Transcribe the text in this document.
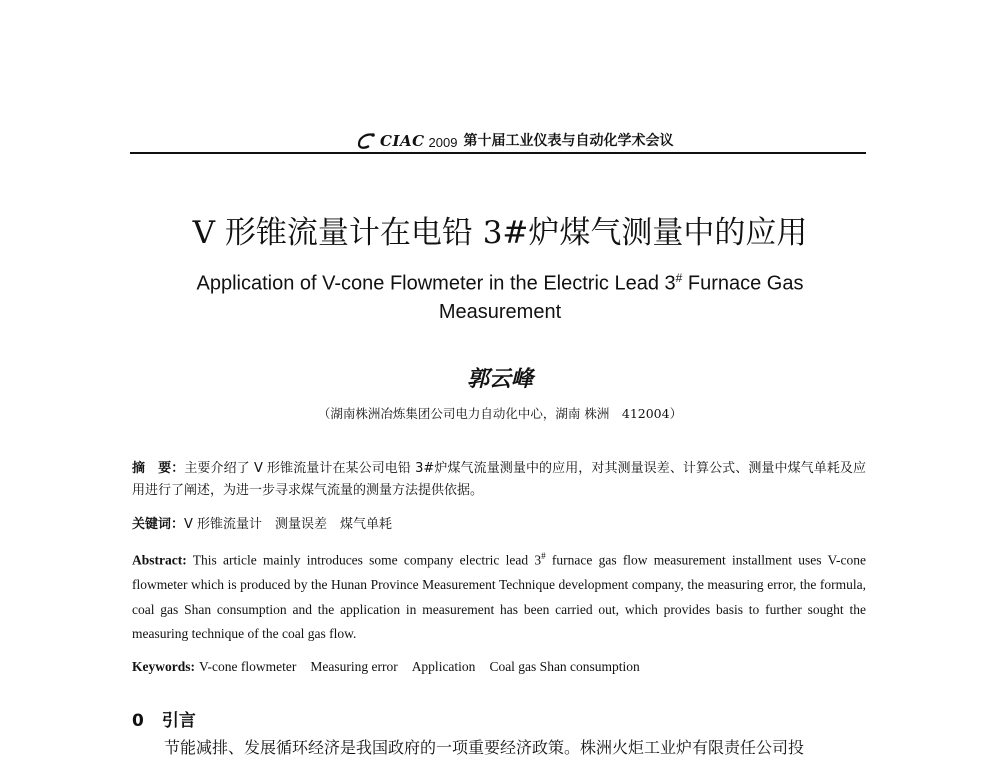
CIAC 2009 第十届工业仪表与自动化学术会议
V 形锥流量计在电铅 3#炉煤气测量中的应用
Application of V-cone Flowmeter in the Electric Lead 3# Furnace Gas Measurement
郭云峰
（湖南株洲冶炼集团公司电力自动化中心，湖南 株洲　412004）
摘　要：主要介绍了 V 形锥流量计在某公司电铅 3#炉煤气流量测量中的应用，对其测量误差、计算公式、测量中煤气单耗及应用进行了阐述，为进一步寻求煤气流量的测量方法提供依据。
关键词：V 形锥流量计　测量误差　煤气单耗
Abstract: This article mainly introduces some company electric lead 3# furnace gas flow measurement installment uses V-cone flowmeter which is produced by the Hunan Province Measurement Technique development company, the measuring error, the formula, coal gas Shan consumption and the application in measurement has been carried out, which provides basis to further sought the measuring technique of the coal gas flow.
Keywords: V-cone flowmeter Measuring error Application Coal gas Shan consumption
0 引言
节能减排、发展循环经济是我国政府的一项重要经济政策。株洲火炬工业炉有限责任公司投
